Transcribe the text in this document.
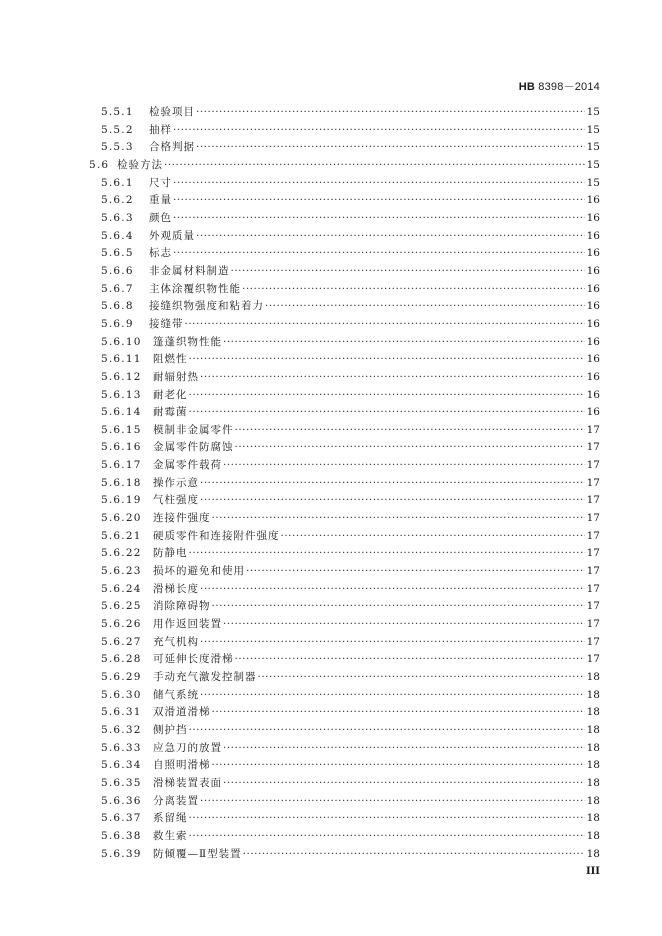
HB 8398－2014
5.5.1	检验项目 ·····	15
5.5.2	抽样 ·····	15
5.5.3	合格判据 ·····	15
5.6 检验方法 ·····	15
5.6.1	尺寸 ·····	15
5.6.2	重量 ·····	16
5.6.3	颜色 ·····	16
5.6.4	外观质量 ·····	16
5.6.5	标志 ·····	16
5.6.6	非金属材料制造 ·····	16
5.6.7	主体涂覆织物性能 ·····	16
5.6.8	接缝织物强度和粘着力 ·····	16
5.6.9	接缝带 ·····	16
5.6.10	篷蓬织物性能 ·····	16
5.6.11	阻燃性 ·····	16
5.6.12	耐辐射热 ·····	16
5.6.13	耐老化 ·····	16
5.6.14	耐霉菌 ·····	16
5.6.15	模制非金属零件 ·····	17
5.6.16	金属零件防腐蚀 ·····	17
5.6.17	金属零件载荷 ·····	17
5.6.18	操作示意 ·····	17
5.6.19	气柱强度 ·····	17
5.6.20	连接件强度 ·····	17
5.6.21	硬质零件和连接附件强度 ·····	17
5.6.22	防静电 ·····	17
5.6.23	损坏的避免和使用 ·····	17
5.6.24	滑梯长度 ·····	17
5.6.25	消除障碍物 ·····	17
5.6.26	用作返回装置 ·····	17
5.6.27	充气机构 ·····	17
5.6.28	可延伸长度滑梯 ·····	17
5.6.29	手动充气激发控制器 ·····	18
5.6.30	储气系统 ·····	18
5.6.31	双滑道滑梯 ·····	18
5.6.32	侧护挡 ·····	18
5.6.33	应急刀的放置 ·····	18
5.6.34	自照明滑梯 ·····	18
5.6.35	滑梯装置表面 ·····	18
5.6.36	分离装置 ·····	18
5.6.37	系留绳 ·····	18
5.6.38	救生索 ·····	18
5.6.39	防倾覆—Ⅱ型装置 ·····	18
III
